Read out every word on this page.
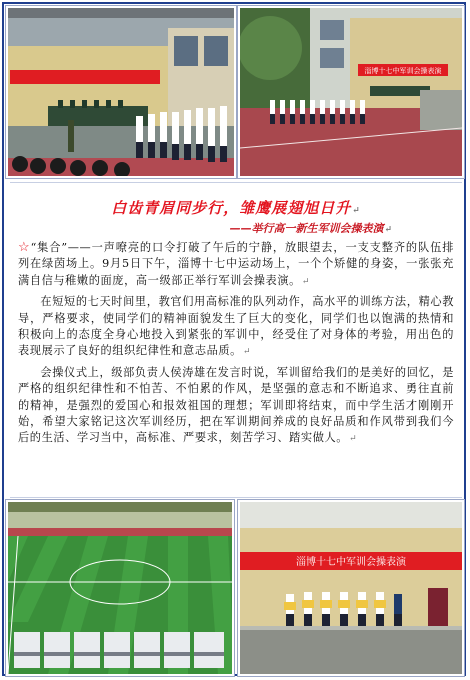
淄博十七中军训会操表演
白齿青眉同步行，雏鹰展翅旭日升↵
——举行高一新生军训会操表演↵

☆“集合”——一声嘹亮的口令打破了午后的宁静，放眼望去，一支支整齐的队伍排列在绿茵场上。9月5日下午，淄博十七中运动场上，一个个矫健的身姿，一张张充满自信与稚嫩的面庞，高一级部正举行军训会操表演。↵

在短短的七天时间里，教官们用高标准的队列动作，高水平的训练方法，精心教导，严格要求，使同学们的精神面貌发生了巨大的变化，同学们也以饱满的热情和积极向上的态度全身心地投入到紧张的军训中，经受住了对身体的考验，用出色的表现展示了良好的组织纪律性和意志品质。↵

会操仪式上，级部负责人侯涛雄在发言时说，军训留给我们的是美好的回忆，是严格的组织纪律性和不怕苦、不怕累的作风，是坚强的意志和不断追求、勇往直前的精神，是强烈的爱国心和报效祖国的理想；军训即将结束，而中学生活才刚刚开始，希望大家铭记这次军训经历，把在军训期间养成的良好品质和作风带到我们今后的生活、学习当中，高标准、严要求，刻苦学习、踏实做人。↵

淄博十七中军训会操表演
